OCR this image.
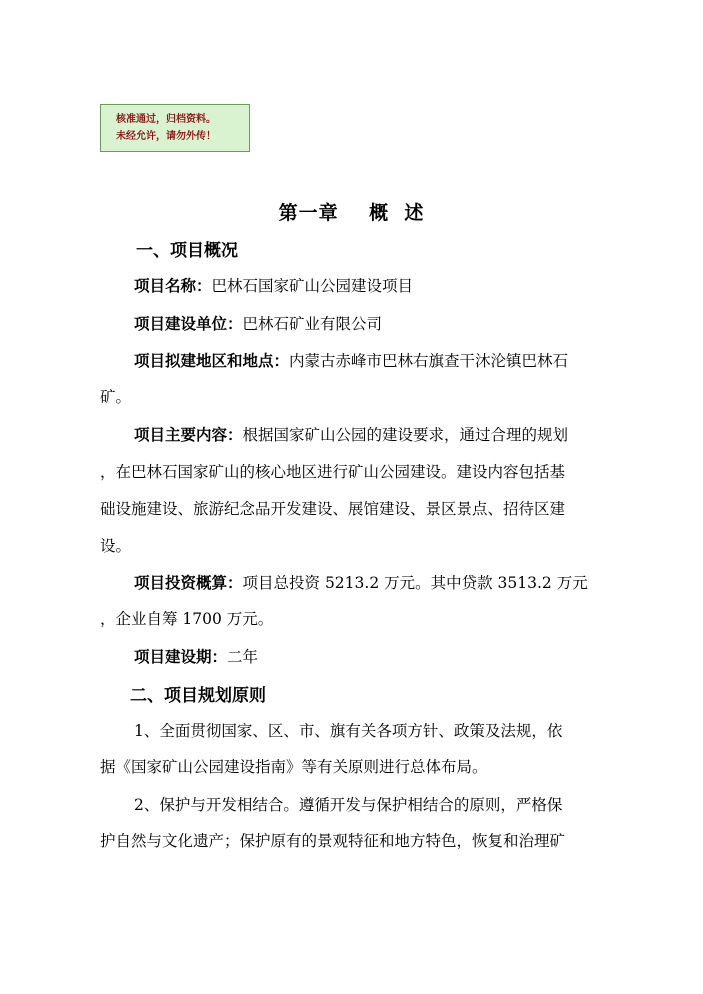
核准通过，归档资料。
未经允许，请勿外传！
第一章    概  述
一、项目概况
项目名称：巴林石国家矿山公园建设项目
项目建设单位：巴林石矿业有限公司
项目拟建地区和地点：内蒙古赤峰市巴林右旗查干沐沦镇巴林石
矿。
项目主要内容：根据国家矿山公园的建设要求，通过合理的规划
，在巴林石国家矿山的核心地区进行矿山公园建设。建设内容包括基
础设施建设、旅游纪念品开发建设、展馆建设、景区景点、招待区建
设。
项目投资概算：项目总投资 5213.2 万元。其中贷款 3513.2 万元
，企业自筹 1700 万元。
项目建设期：二年
二、项目规划原则
1、全面贯彻国家、区、市、旗有关各项方针、政策及法规，依
据《国家矿山公园建设指南》等有关原则进行总体布局。
2、保护与开发相结合。遵循开发与保护相结合的原则，严格保
护自然与文化遗产；保护原有的景观特征和地方特色，恢复和治理矿
